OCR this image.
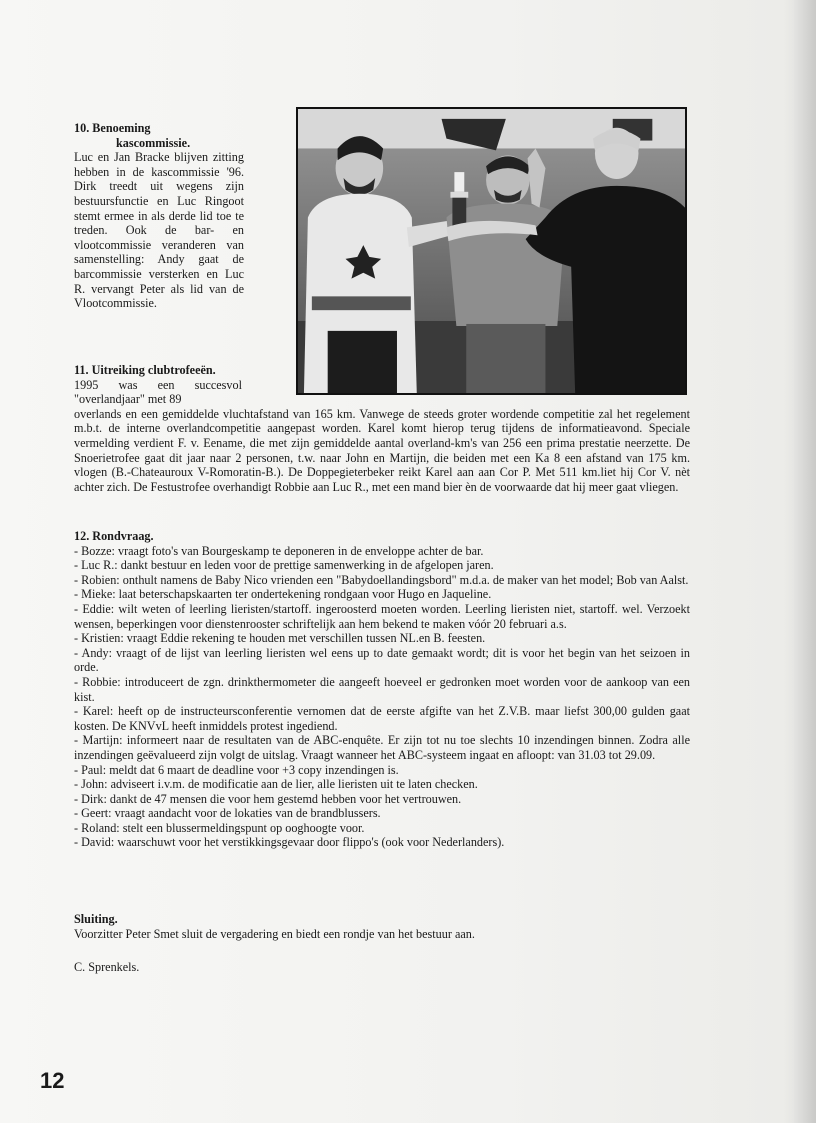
10. Benoeming
kascommissie.

Luc en Jan Bracke blijven zitting hebben in de kascommissie '96. Dirk treedt uit wegens zijn bestuursfunctie en Luc Ringoot stemt ermee in als derde lid toe te treden. Ook de bar- en vlootcommissie veranderen van samenstelling: Andy gaat de barcommissie versterken en Luc R. vervangt Peter als lid van de Vlootcommissie.

11. Uitreiking clubtrofeeën.

1995 was een succesvol "overlandjaar" met 89

overlands en een gemiddelde vluchtafstand van 165 km. Vanwege de steeds groter wordende competitie zal het regelement m.b.t. de interne overlandcompetitie aangepast worden. Karel komt hierop terug tijdens de informatieavond. Speciale vermelding verdient F. v. Eename, die met zijn gemiddelde aantal overland-km's van 256 een prima prestatie neerzette. De Snoerietrofee gaat dit jaar naar 2 personen, t.w. naar John en Martijn, die beiden met een Ka 8 een afstand van 175 km. vlogen (B.-Chateauroux V-Romoratin-B.). De Doppegieterbeker reikt Karel aan aan Cor P. Met 511 km.liet hij Cor V. nèt achter zich. De Festustrofee overhandigt Robbie aan Luc R., met een mand bier èn de voorwaarde dat hij meer gaat vliegen.

12. Rondvraag.

- Bozze: vraagt foto's van Bourgeskamp te deponeren in de enveloppe achter de bar.

- Luc R.: dankt bestuur en leden voor de prettige samenwerking in de afgelopen jaren.

- Robien: onthult namens de Baby Nico vrienden een "Babydoellandingsbord" m.d.a. de maker van het model; Bob van Aalst.

- Mieke: laat beterschapskaarten ter ondertekening rondgaan voor Hugo en Jaqueline.

- Eddie: wilt weten of leerling lieristen/startoff. ingeroosterd moeten worden. Leerling lieristen niet, startoff. wel. Verzoekt wensen, beperkingen voor dienstenrooster schriftelijk aan hem bekend te maken vóór 20 februari a.s.

- Kristien: vraagt Eddie rekening te houden met verschillen tussen NL.en B. feesten.

- Andy: vraagt of de lijst van leerling lieristen wel eens up to date gemaakt wordt; dit is voor het begin van het seizoen in orde.

- Robbie: introduceert de zgn. drinkthermometer die aangeeft hoeveel er gedronken moet worden voor de aankoop van een kist.

- Karel: heeft op de instructeursconferentie vernomen dat de eerste afgifte van het Z.V.B. maar liefst 300,00 gulden gaat kosten. De KNVvL heeft inmiddels protest ingediend.

- Martijn: informeert naar de resultaten van de ABC-enquête. Er zijn tot nu toe slechts 10 inzendingen binnen. Zodra alle inzendingen geëvalueerd zijn volgt de uitslag. Vraagt wanneer het ABC-systeem ingaat en afloopt: van 31.03 tot 29.09.

- Paul: meldt dat 6 maart de deadline voor +3 copy inzendingen is.

- John: adviseert i.v.m. de modificatie aan de lier, alle lieristen uit te laten checken.

- Dirk: dankt de 47 mensen die voor hem gestemd hebben voor het vertrouwen.

- Geert: vraagt aandacht voor de lokaties van de brandblussers.

- Roland: stelt een blussermeldingspunt op ooghoogte voor.

- David: waarschuwt voor het verstikkingsgevaar door flippo's (ook voor Nederlanders).

Sluiting.

Voorzitter Peter Smet sluit de vergadering en biedt een rondje van het bestuur aan.

C. Sprenkels.
12
